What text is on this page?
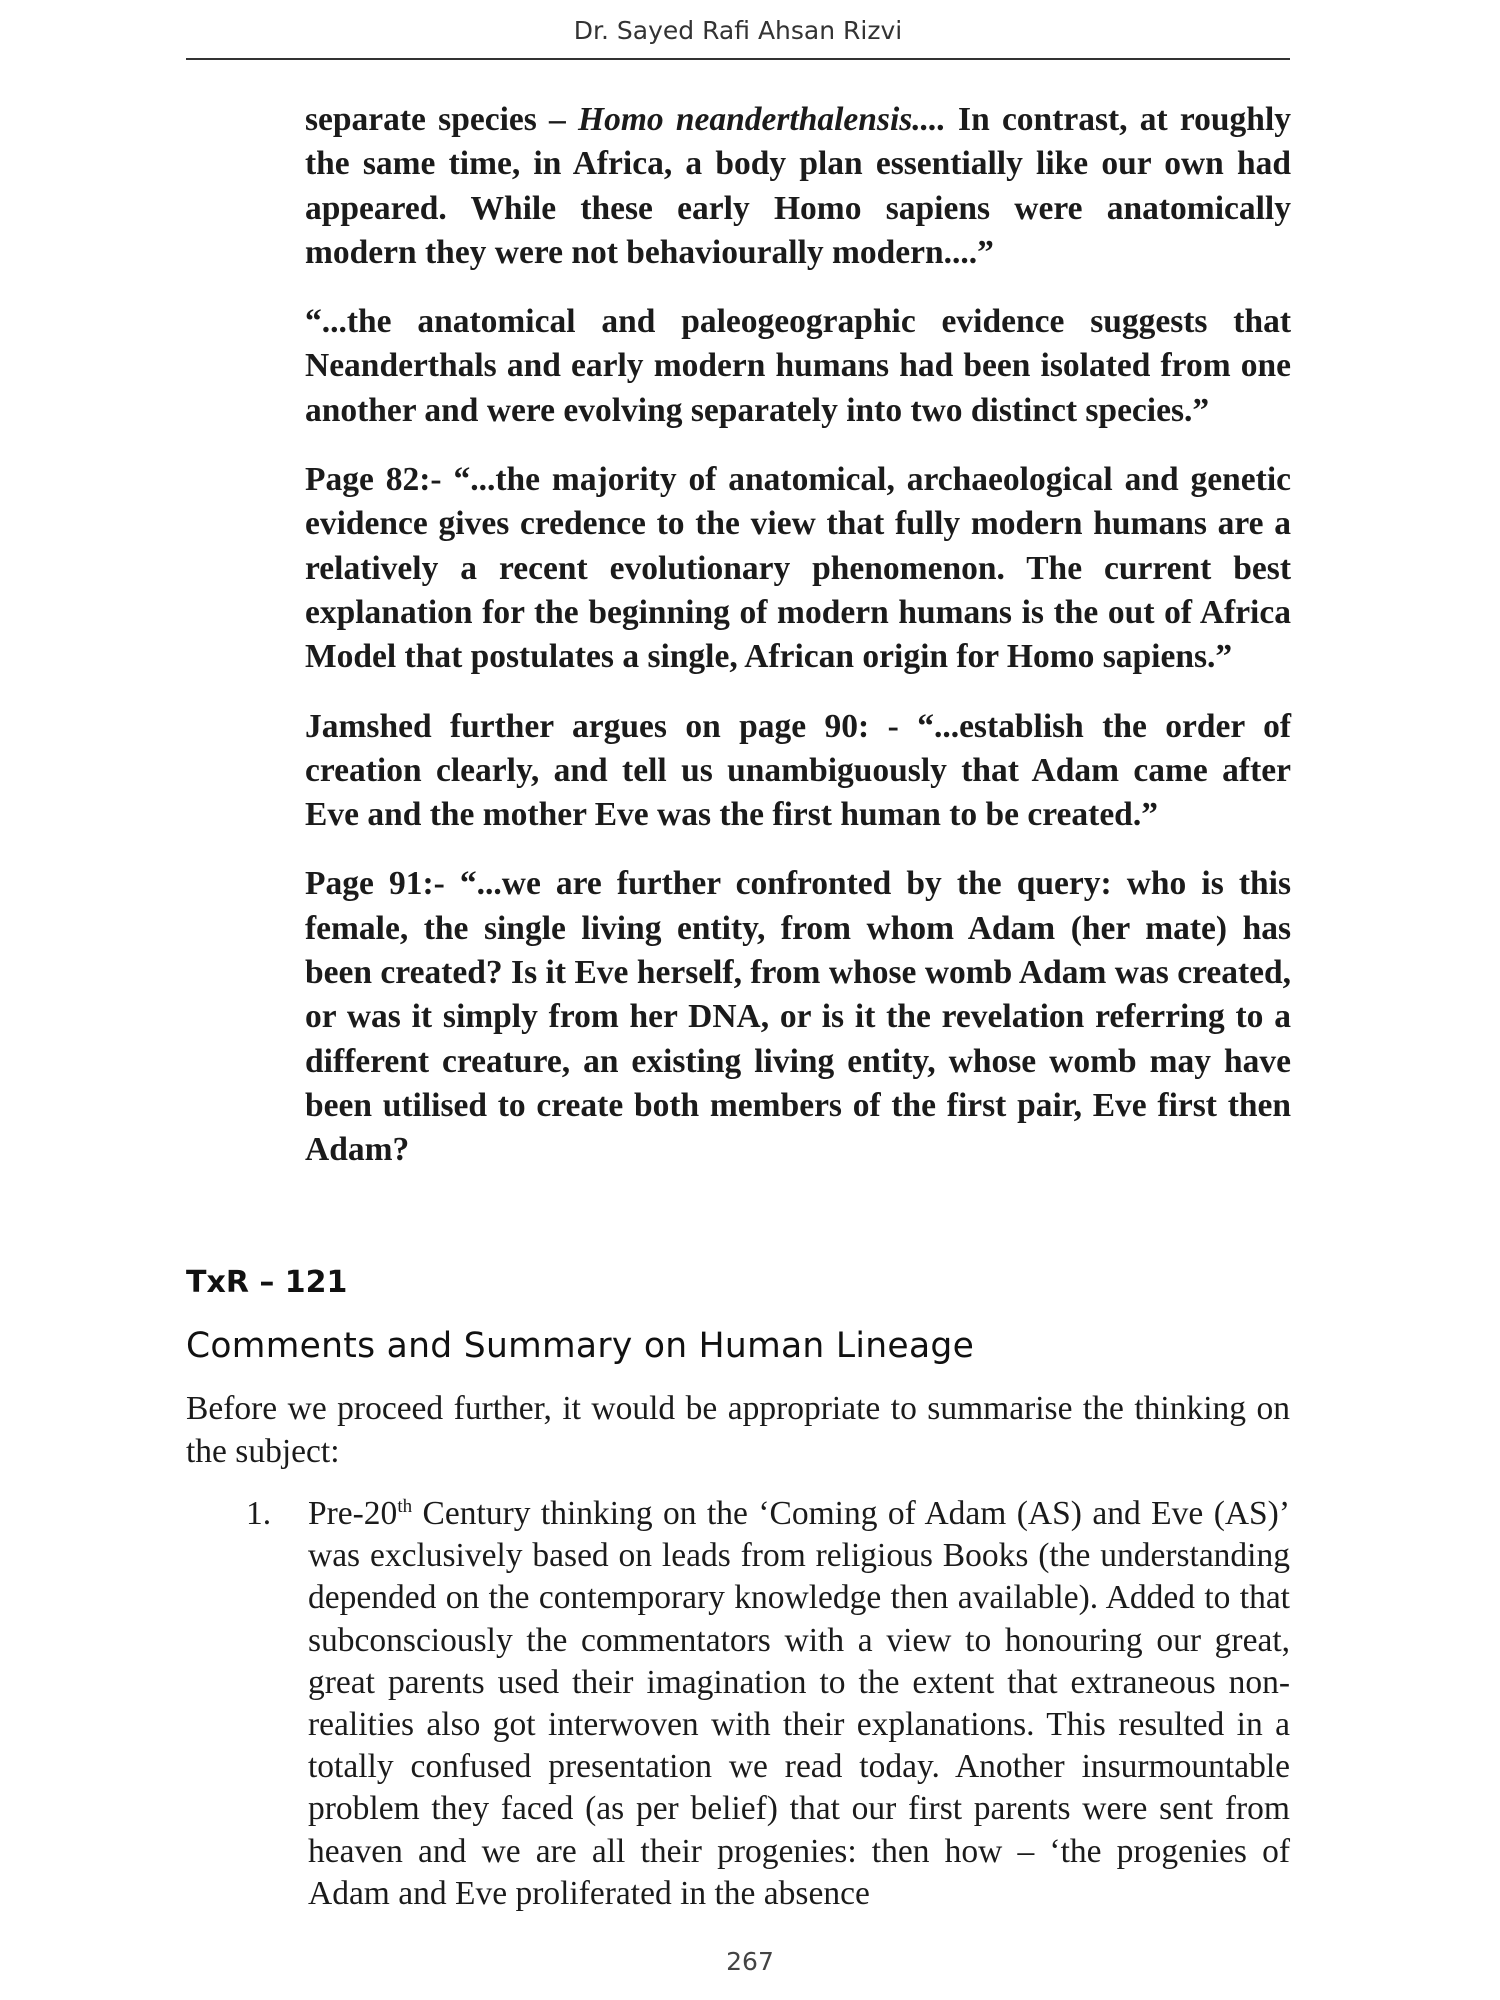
Dr. Sayed Rafi Ahsan Rizvi

separate species – Homo neanderthalensis.... In contrast, at roughly the same time, in Africa, a body plan essentially like our own had appeared. While these early Homo sapiens were anatomically modern they were not behaviourally modern....”

“...the anatomical and paleogeographic evidence suggests that Neanderthals and early modern humans had been isolated from one another and were evolving separately into two distinct species.”

Page 82:- “...the majority of anatomical, archaeological and genetic evidence gives credence to the view that fully modern humans are a relatively a recent evolutionary phenomenon. The current best explanation for the beginning of modern humans is the out of Africa Model that postulates a single, African origin for Homo sapiens.”

Jamshed further argues on page 90: - “...establish the order of creation clearly, and tell us unambiguously that Adam came after Eve and the mother Eve was the first human to be created.”

Page 91:- “...we are further confronted by the query: who is this female, the single living entity, from whom Adam (her mate) has been created? Is it Eve herself, from whose womb Adam was created, or was it simply from her DNA, or is it the revelation referring to a different creature, an existing living entity, whose womb may have been utilised to create both members of the first pair, Eve first then Adam?

TxR – 121
Comments and Summary on Human Lineage

Before we proceed further, it would be appropriate to summarise the thinking on the subject:

1. Pre-20th Century thinking on the ‘Coming of Adam (AS) and Eve (AS)’ was exclusively based on leads from religious Books (the understanding depended on the contemporary knowledge then available). Added to that subconsciously the commentators with a view to honouring our great, great parents used their imagination to the extent that extraneous non-realities also got interwoven with their explanations. This resulted in a totally confused presentation we read today. Another insurmountable problem they faced (as per belief) that our first parents were sent from heaven and we are all their progenies: then how – ‘the progenies of Adam and Eve proliferated in the absence
267
